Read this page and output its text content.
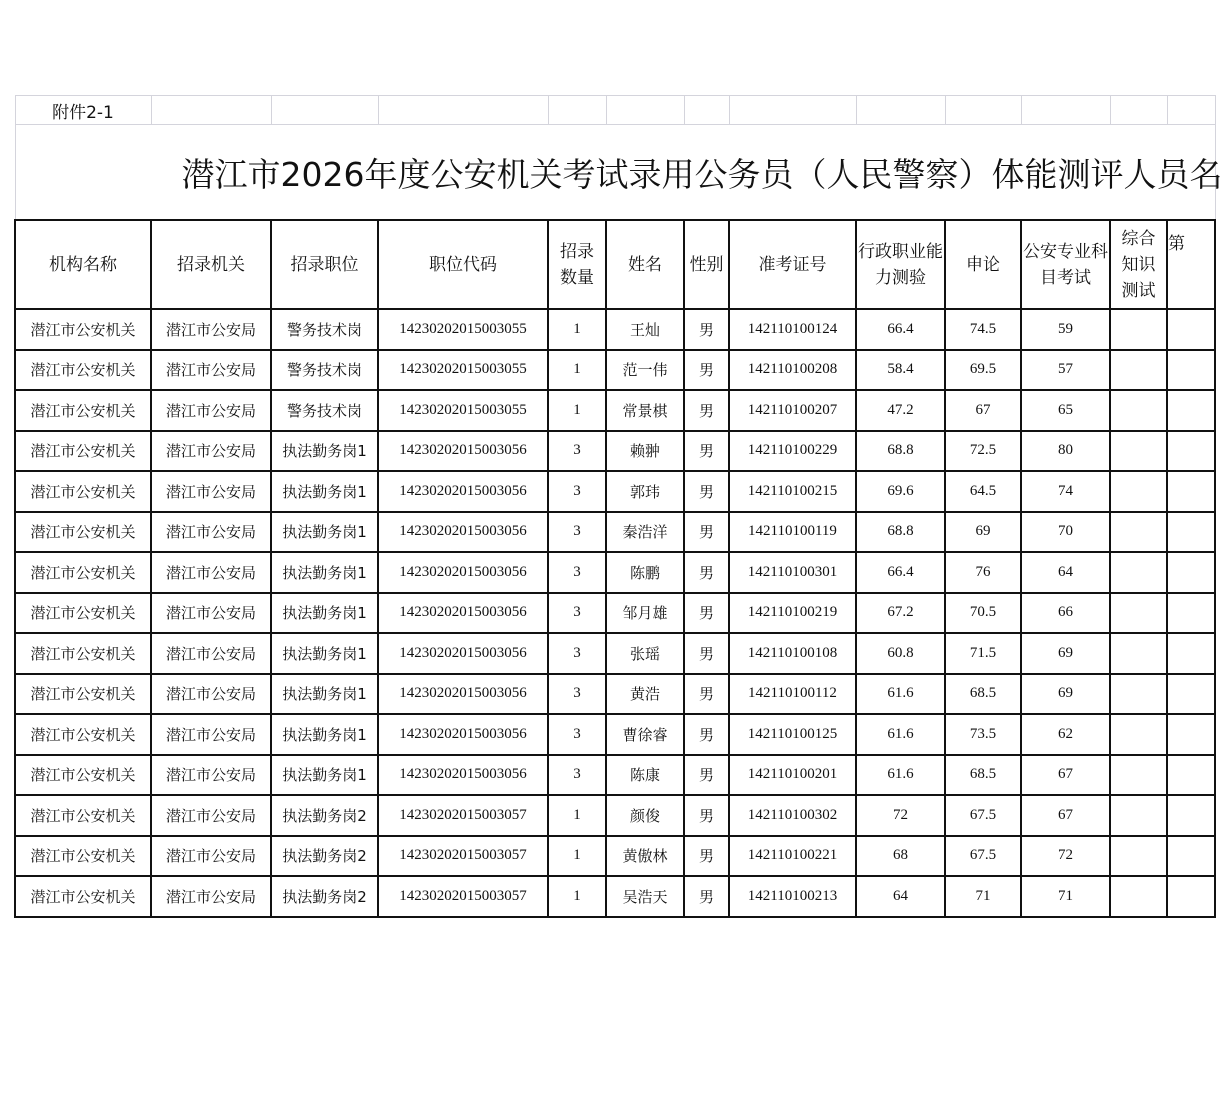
附件2-1												
潜江市2026年度公安机关考试录用公务员（人民警察）体能测评人员名												
机构名称	招录机关	招录职位	职位代码	招录数量	姓名	性别	准考证号	行政职业能力测验	申论	公安专业科目考试	综合知识测试	第
潜江市公安机关	潜江市公安局	警务技术岗	14230202015003055	1	王灿	男	142110100124	66.4	74.5	59		
潜江市公安机关	潜江市公安局	警务技术岗	14230202015003055	1	范一伟	男	142110100208	58.4	69.5	57		
潜江市公安机关	潜江市公安局	警务技术岗	14230202015003055	1	常景棋	男	142110100207	47.2	67	65		
潜江市公安机关	潜江市公安局	执法勤务岗1	14230202015003056	3	赖翀	男	142110100229	68.8	72.5	80		
潜江市公安机关	潜江市公安局	执法勤务岗1	14230202015003056	3	郭玮	男	142110100215	69.6	64.5	74		
潜江市公安机关	潜江市公安局	执法勤务岗1	14230202015003056	3	秦浩洋	男	142110100119	68.8	69	70		
潜江市公安机关	潜江市公安局	执法勤务岗1	14230202015003056	3	陈鹏	男	142110100301	66.4	76	64		
潜江市公安机关	潜江市公安局	执法勤务岗1	14230202015003056	3	邹月雄	男	142110100219	67.2	70.5	66		
潜江市公安机关	潜江市公安局	执法勤务岗1	14230202015003056	3	张瑶	男	142110100108	60.8	71.5	69		
潜江市公安机关	潜江市公安局	执法勤务岗1	14230202015003056	3	黄浩	男	142110100112	61.6	68.5	69		
潜江市公安机关	潜江市公安局	执法勤务岗1	14230202015003056	3	曹徐睿	男	142110100125	61.6	73.5	62		
潜江市公安机关	潜江市公安局	执法勤务岗1	14230202015003056	3	陈康	男	142110100201	61.6	68.5	67		
潜江市公安机关	潜江市公安局	执法勤务岗2	14230202015003057	1	颜俊	男	142110100302	72	67.5	67		
潜江市公安机关	潜江市公安局	执法勤务岗2	14230202015003057	1	黄傲林	男	142110100221	68	67.5	72		
潜江市公安机关	潜江市公安局	执法勤务岗2	14230202015003057	1	吴浩天	男	142110100213	64	71	71		
